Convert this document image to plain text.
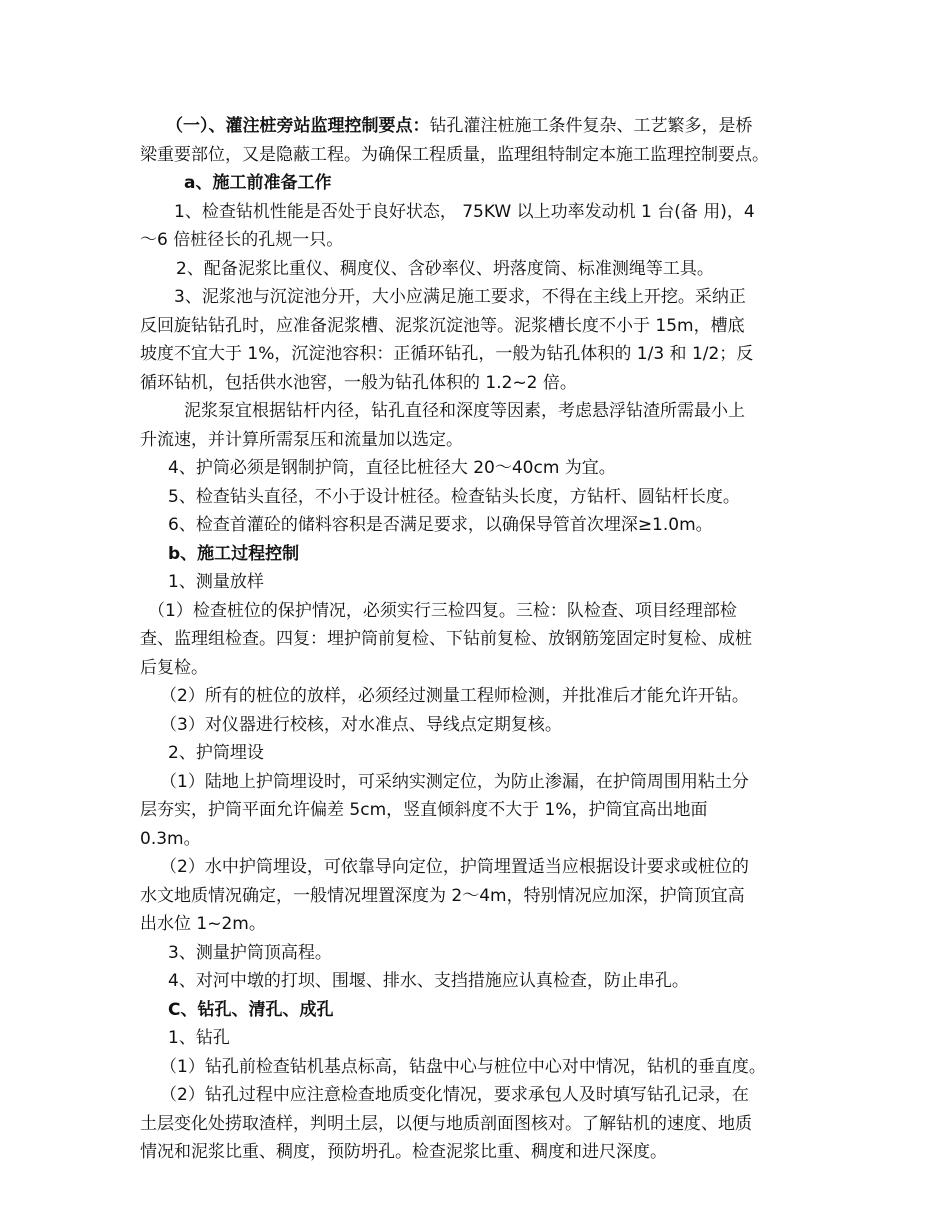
（一）、灌注桩旁站监理控制要点：钻孔灌注桩施工条件复杂、工艺繁多，是桥
梁重要部位，又是隐蔽工程。为确保工程质量，监理组特制定本施工监理控制要点。
a、施工前准备工作
1、检查钻机性能是否处于良好状态， 75KW 以上功率发动机 1 台(备 用)，4
～6 倍桩径长的孔规一只。
2、配备泥浆比重仪、稠度仪、含砂率仪、坍落度筒、标准测绳等工具。
3、泥浆池与沉淀池分开，大小应满足施工要求，不得在主线上开挖。采纳正
反回旋钻钻孔时，应准备泥浆槽、泥浆沉淀池等。泥浆槽长度不小于 15m，槽底
坡度不宜大于 1%，沉淀池容积：正循环钻孔，一般为钻孔体积的 1/3 和 1/2；反
循环钻机，包括供水池窖，一般为钻孔体积的 1.2~2 倍。
泥浆泵宜根据钻杆内径，钻孔直径和深度等因素，考虑悬浮钻渣所需最小上
升流速，并计算所需泵压和流量加以选定。
4、护筒必须是钢制护筒，直径比桩径大 20～40cm 为宜。
5、检查钻头直径，不小于设计桩径。检查钻头长度，方钻杆、圆钻杆长度。
6、检查首灌砼的储料容积是否满足要求，以确保导管首次埋深≥1.0m。
b、施工过程控制
1、测量放样
（1）检查桩位的保护情况，必须实行三检四复。三检：队检查、项目经理部检
查、监理组检查。四复：埋护筒前复检、下钻前复检、放钢筋笼固定时复检、成桩
后复检。
（2）所有的桩位的放样，必须经过测量工程师检测，并批准后才能允许开钻。
（3）对仪器进行校核，对水准点、导线点定期复核。
2、护筒埋设
（1）陆地上护筒埋设时，可采纳实测定位，为防止渗漏，在护筒周围用粘土分
层夯实，护筒平面允许偏差 5cm，竖直倾斜度不大于 1%，护筒宜高出地面
0.3m。
（2）水中护筒埋设，可依靠导向定位，护筒埋置适当应根据设计要求或桩位的
水文地质情况确定，一般情况埋置深度为 2～4m，特别情况应加深，护筒顶宜高
出水位 1~2m。
3、测量护筒顶高程。
4、对河中墩的打坝、围堰、排水、支挡措施应认真检查，防止串孔。
C、钻孔、清孔、成孔
1、钻孔
（1）钻孔前检查钻机基点标高，钻盘中心与桩位中心对中情况，钻机的垂直度。
（2）钻孔过程中应注意检查地质变化情况，要求承包人及时填写钻孔记录，在
土层变化处捞取渣样，判明土层，以便与地质剖面图核对。了解钻机的速度、地质
情况和泥浆比重、稠度，预防坍孔。检查泥浆比重、稠度和进尺深度。
